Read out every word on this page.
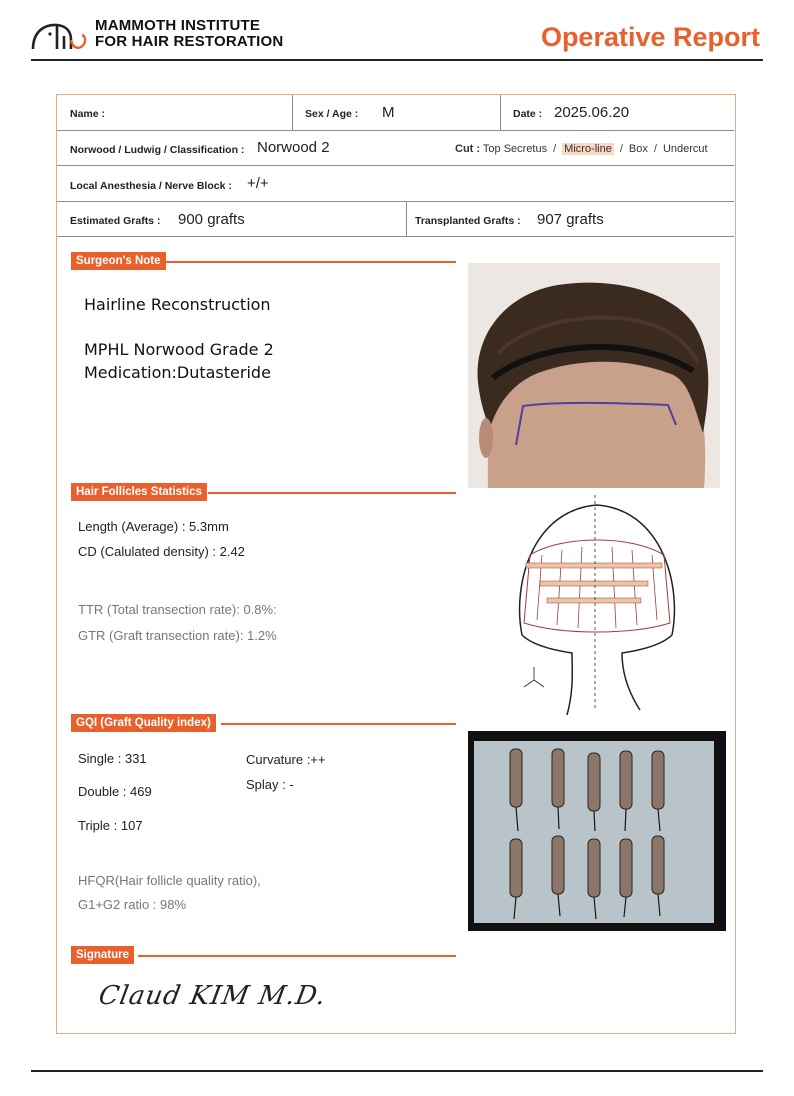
MAMMOTH INSTITUTE
FOR HAIR RESTORATION	Operative Report
Name :	Sex / Age : M	Date : 2025.06.20
Norwood / Ludwig / Classification : Norwood 2	Cut : Top Secretus / Micro-line / Box / Undercut
Local Anesthesia / Nerve Block : +/+
Estimated Grafts : 900 grafts	Transplanted Grafts : 907 grafts
Surgeon's Note
Hairline Reconstruction
MPHL Norwood Grade 2
Medication:Dutasteride
Hair Follicles Statistics
Length (Average) : 5.3mm
CD (Calulated density) : 2.42
TTR (Total transection rate): 0.8%:
GTR (Graft transection rate): 1.2%
GQI (Graft Quality index)
Single : 331
Double : 469
Triple : 107
Curvature :++
Splay : -
HFQR(Hair follicle quality ratio),
G1+G2 ratio : 98%
Signature
Claud KIM M.D.
